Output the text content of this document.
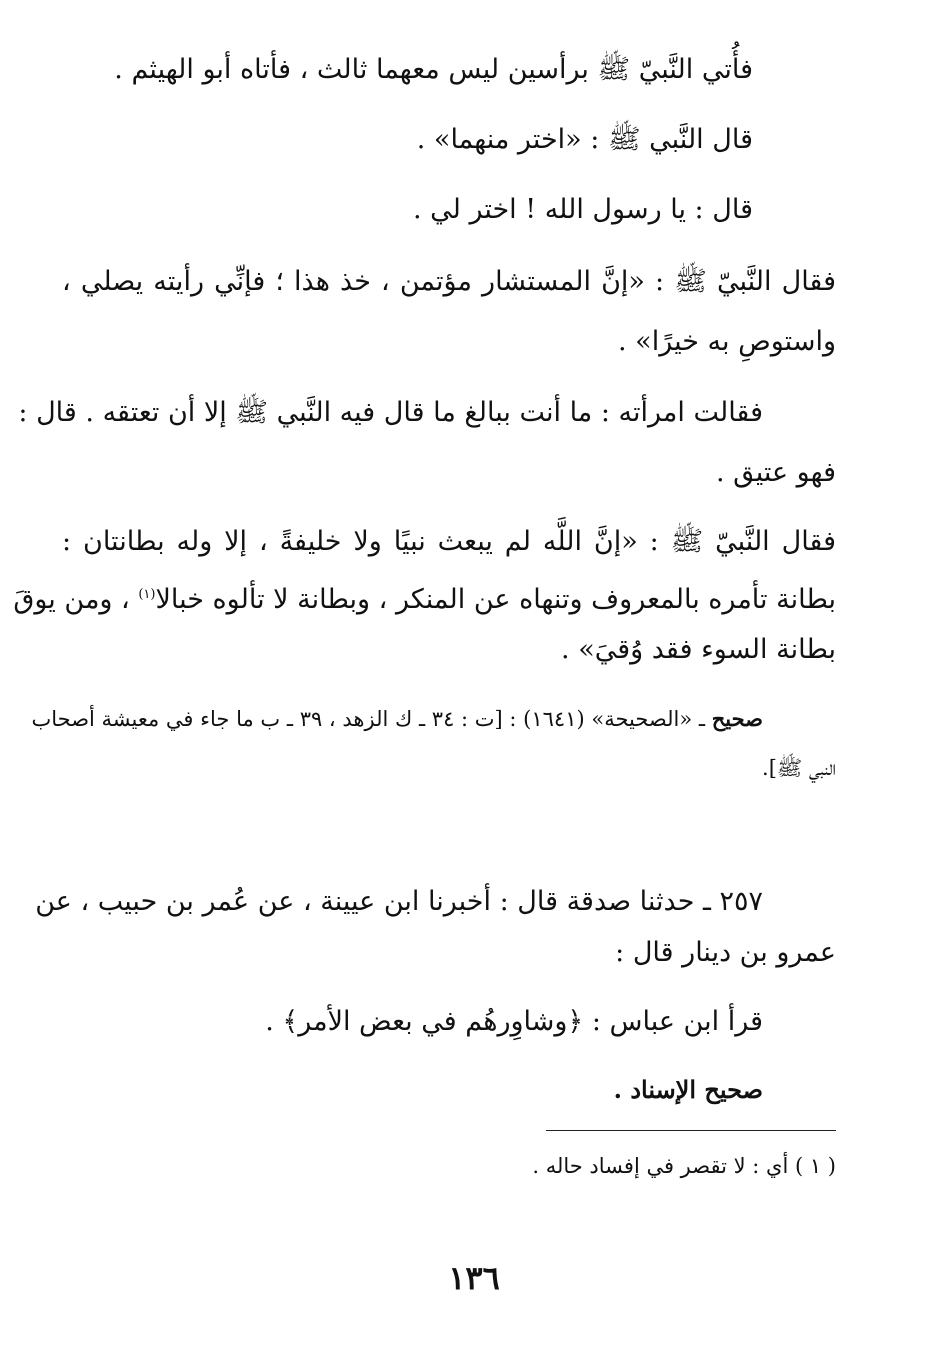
فأُتي النَّبيّ ﷺ برأسين ليس معهما ثالث ، فأتاه أبو الهيثم .
قال النَّبي ﷺ : «اختر منهما» .
قال : يا رسول الله ! اختر لي .
فقال النَّبيّ ﷺ : «إنَّ المستشار مؤتمن ، خذ هذا ؛ فإنِّي رأيته يصلي ،
واستوصِ به خيرًا» .
فقالت امرأته : ما أنت ببالغ ما قال فيه النَّبي ﷺ إلا أن تعتقه . قال :
فهو عتيق .
فقال النَّبيّ ﷺ : «إنَّ اللَّه لم يبعث نبيًا ولا خليفةً ، إلا وله بطانتان :
بطانة تأمره بالمعروف وتنهاه عن المنكر ، وبطانة لا تألوه خبالا$^{(١)}$ ، ومن يوقَ
بطانة السوء فقد وُقيَ» .
صحيح ـ «الصحيحة» (١٦٤١) : [ت : ٣٤ ـ ك الزهد ، ٣٩ ـ ب ما جاء في معيشة أصحاب
النبي ﷺ].
٢٥٧ ـ حدثنا صدقة قال : أخبرنا ابن عيينة ، عن عُمر بن حبيب ، عن
عمرو بن دينار قال :
قرأ ابن عباس : ﴿وشاوِرهُم في بعض الأمر﴾ .
صحيح الإسناد .
( ١ ) أي : لا تقصر في إفساد حاله .
١٣٦
